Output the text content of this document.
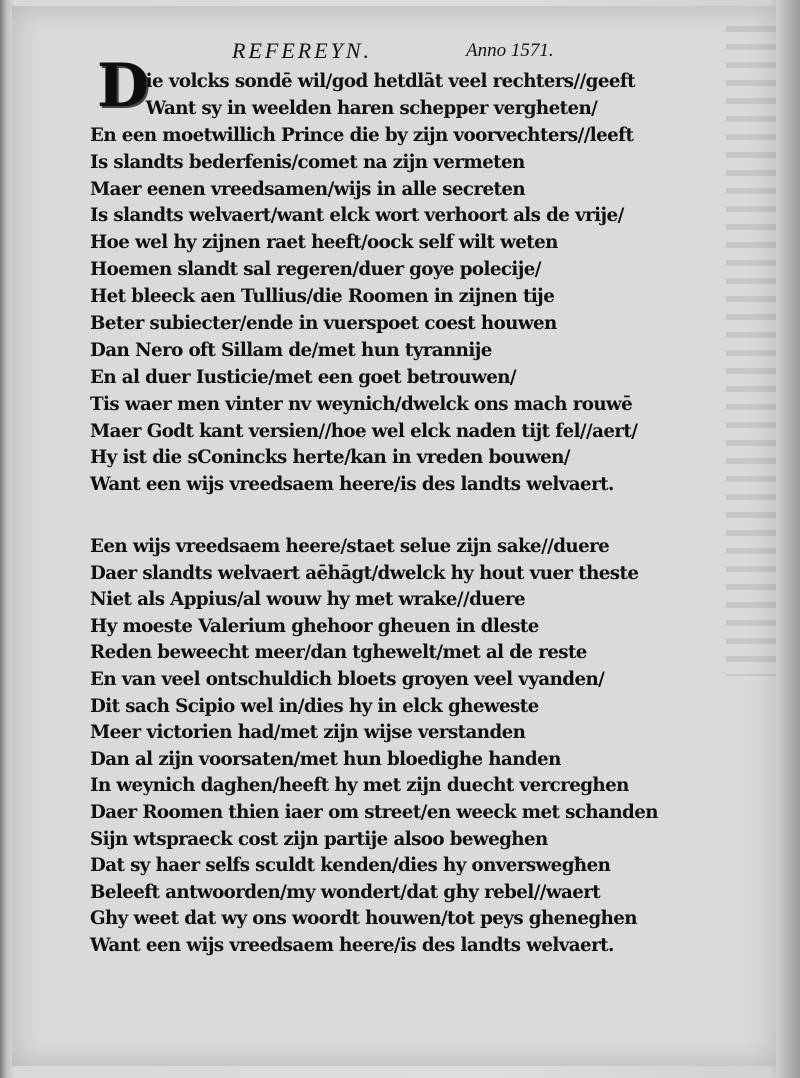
REFEREYN.	Anno 1571.
D
ie volcks sondē wil/god hetdlāt veel rechters//geeft
Want sy in weelden haren schepper vergheten/
En een moetwillich Prince die by zijn voorvechters//leeft
Is slandts bederfenis/comet na zijn vermeten
Maer eenen vreedsamen/wijs in alle secreten
Is slandts welvaert/want elck wort verhoort als de vrije/
Hoe wel hy zijnen raet heeft/oock self wilt weten
Hoemen slandt sal regeren/duer goye polecije/
Het bleeck aen Tullius/die Roomen in zijnen tije
Beter subiecter/ende in vuerspoet coest houwen
Dan Nero oft Sillam de/met hun tyrannije
En al duer Iusticie/met een goet betrouwen/
Tis waer men vinter nv weynich/dwelck ons mach rouwē
Maer Godt kant versien//hoe wel elck naden tijt fel//aert/
Hy ist die sConincks herte/kan in vreden bouwen/
Want een wijs vreedsaem heere/is des landts welvaert.
Een wijs vreedsaem heere/staet selue zijn sake//duere
Daer slandts welvaert aēhāgt/dwelck hy hout vuer theste
Niet als Appius/al wouw hy met wrake//duere
Hy moeste Valerium ghehoor gheuen in dleste
Reden beweecht meer/dan tghewelt/met al de reste
En van veel ontschuldich bloets groyen veel vyanden/
Dit sach Scipio wel in/dies hy in elck gheweste
Meer victorien had/met zijn wijse verstanden
Dan al zijn voorsaten/met hun bloedighe handen
In weynich daghen/heeft hy met zijn duecht vercreghen
Daer Roomen thien iaer om street/en weeck met schanden
Sijn wtspraeck cost zijn partije alsoo beweghen
Dat sy haer selfs sculdt kenden/dies hy onverswegħen
Beleeft antwoorden/my wondert/dat ghy rebel//waert
Ghy weet dat wy ons woordt houwen/tot peys gheneghen
Want een wijs vreedsaem heere/is des landts welvaert.
